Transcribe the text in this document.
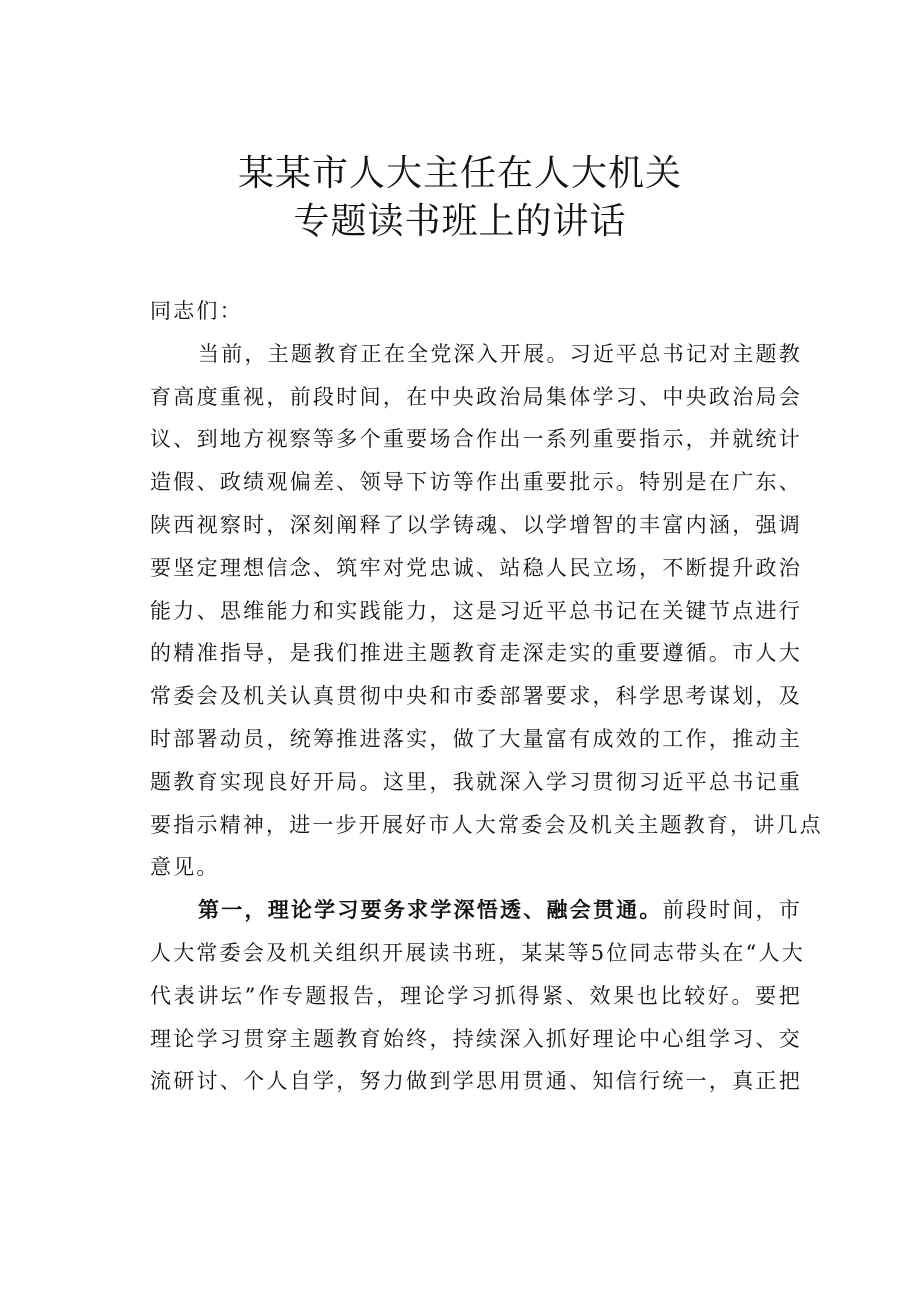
某某市人大主任在人大机关
专题读书班上的讲话
同志们：
当前，主题教育正在全党深入开展。习近平总书记对主题教
育高度重视，前段时间，在中央政治局集体学习、中央政治局会
议、到地方视察等多个重要场合作出一系列重要指示，并就统计
造假、政绩观偏差、领导下访等作出重要批示。特别是在广东、
陕西视察时，深刻阐释了以学铸魂、以学增智的丰富内涵，强调
要坚定理想信念、筑牢对党忠诚、站稳人民立场，不断提升政治
能力、思维能力和实践能力，这是习近平总书记在关键节点进行
的精准指导，是我们推进主题教育走深走实的重要遵循。市人大
常委会及机关认真贯彻中央和市委部署要求，科学思考谋划，及
时部署动员，统筹推进落实，做了大量富有成效的工作，推动主
题教育实现良好开局。这里，我就深入学习贯彻习近平总书记重
要指示精神，进一步开展好市人大常委会及机关主题教育，讲几点
意见。
第一，理论学习要务求学深悟透、融会贯通。前段时间，市
人大常委会及机关组织开展读书班，某某等5位同志带头在“人大
代表讲坛”作专题报告，理论学习抓得紧、效果也比较好。要把
理论学习贯穿主题教育始终，持续深入抓好理论中心组学习、交
流研讨、个人自学，努力做到学思用贯通、知信行统一，真正把
